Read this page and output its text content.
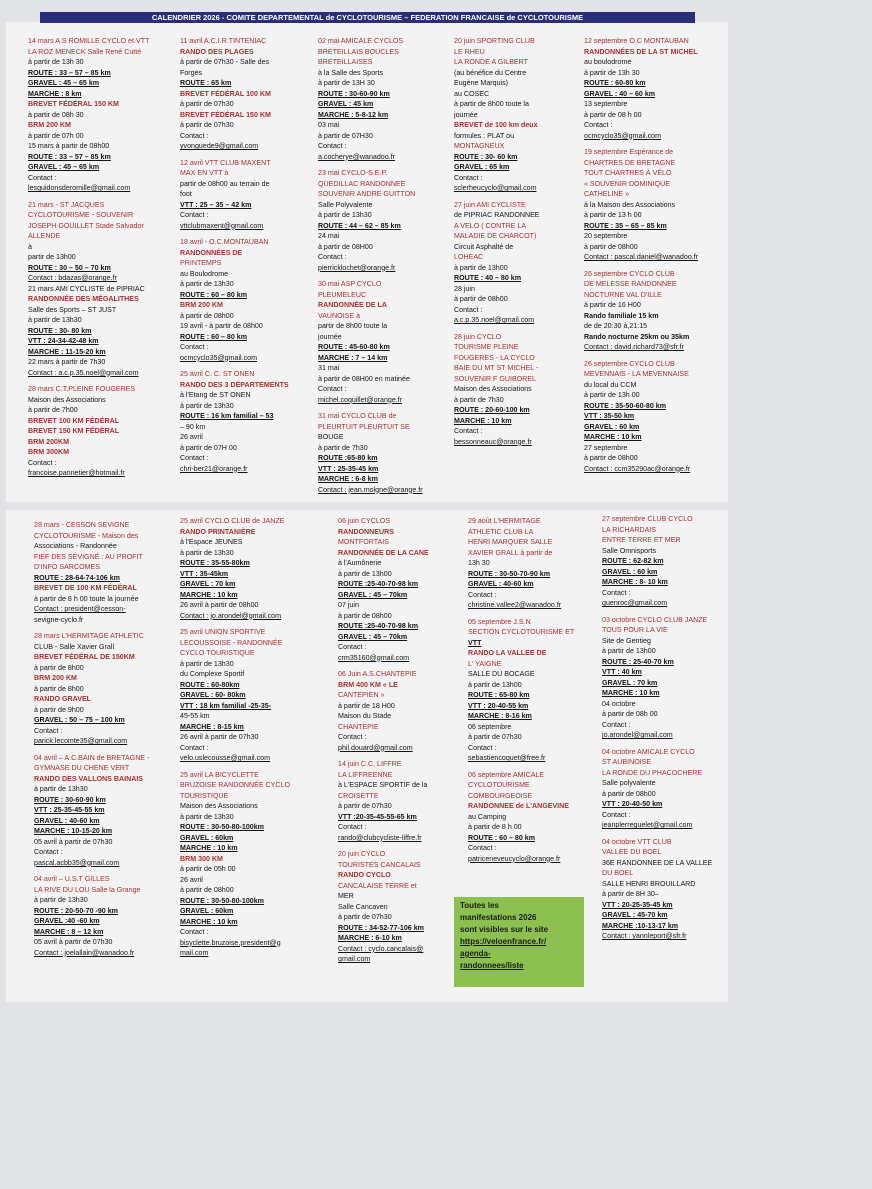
CALENDRIER 2026 - COMITE DEPARTEMENTAL de CYCLOTOURISME – FEDERATION FRANCAISE de CYCLOTOURISME

14 mars A.S ROMILLE CYCLO et VTT
LA ROZ MENECK Salle René Cutté
à partir de 13h 30
ROUTE : 33 – 57 – 85 km
GRAVEL : 45 – 65 km
MARCHE : 8 km
BREVET FÉDÉRAL 150 KM
à partir de 08h 30
BRM 200 KM
à partir de 07h 00
15 mars à partir de 08h00
ROUTE : 33 – 57 – 85 km
GRAVEL : 45 – 65 km
Contact :
lesguidonsderomille@gmail.com

21 mars - ST JACQUES
CYCLOTOURISME - SOUVENIR
JOSEPH GOUILLET Stade Salvador
ALLENDE
à
partir de 13h00
ROUTE : 30 – 50 – 70 km
Contact : bdazas@orange.fr
21 mars AMI CYCLISTE de PIPRIAC
RANDONNÉE DES MÉGALITHES
Salle des Sports – ST JUST
à partir de 13h30
ROUTE : 30- 80 km
VTT : 24-34-42-48 km
MARCHE : 11-15-20 km
22 mars à partir de 7h30
Contact : a.c.p.35.noel@gmail.com

28 mars C.T.PLEINE FOUGERES
Maison des Associations
à partir de 7h00
BREVET 100 KM FÉDÉRAL
BREVET 150 KM FÉDÉRAL
BRM 200KM
BRM 300KM
Contact :
francoise.pannetier@hotmail.fr

11 avril A.C.I.R.TINTENIAC
RANDO DES PLAGES
à partir de 07h30 - Salle des
Forges
ROUTE : 65 km
BREVET FÉDÉRAL 100 KM
à partir de 07h30
BREVET FÉDÉRAL 150 KM
à partir de 07h30
Contact :
yvonguede9@gmail.com

12 avril VTT CLUB MAXENT
MAX EN VTT à
partir de 08h00 au terrain de
foot
VTT : 25 – 35 – 42 km
Contact :
vttclubmaxent@gmail.com

18 avril - O.C.MONTAUBAN
RANDONNÉES DE
PRINTEMPS
au Boulodrome
à partir de 13h30
ROUTE : 60 – 80 km
BRM 200 KM
à partir de 08h00
19 avril - à partir de 08h00
ROUTE : 60 – 80 km
Contact :
ocmcyclo35@gmail.com

25 avril C. C. ST ONEN
RANDO DES 3 DÉPARTEMENTS
à l'Etang de ST ONEN
à partir de 13h30
ROUTE : 16 km familial – 53
– 90 km
26 avril
à partir de 07H 00
Contact :
chri-ber21@orange.fr

02 mai AMICALE CYCLOS
BRETEILLAIS BOUCLES
BRETEILLAISES
à la Salle des Sports
à partir de 13H 30
ROUTE : 30-60-90 km
GRAVEL : 45 km
MARCHE : 5-8-12 km
03 mai
à partir de 07H30
Contact :
a.cocherye@wanadoo.fr

23 mai CYCLO-S.E.P.
QUEDILLAC RANDONNEE
SOUVENIR ANDRE GUITTON
Salle Polyvalente
à partir de 13h30
ROUTE : 44 – 62 – 85 km
24 mai
à partir de 08H00
Contact :
pierricklochet@orange.fr

30 mai ASP CYCLO
PLEUMELEUC
RANDONNÉE DE LA
VAUNOISE à
partir de 8h00 toute la
journée
ROUTE : 45-60-80 km
MARCHE : 7 – 14 km
31 mai
à partir de 08H00 en matinée
Contact :
michel.coquillet@orange.fr

31 mai CYCLO CLUB de
PLEURTUIT PLEURTUIT SE
BOUGE
à partir de 7h30
ROUTE :65-80 km
VTT : 25-35-45 km
MARCHE : 6-8 km
Contact : jean.molgne@orange.fr

20 juin SPORTING CLUB
LE RHEU
LA RONDE A GILBERT
(au bénéfice du Centre
Eugène Marquis)
au COSEC
à partir de 8h00 toute la
journée
BREVET de 100 km deux
formules : PLAT ou
MONTAGNEUX
ROUTE : 30- 60 km
GRAVEL : 65 km
Contact :
sclerheucyclo@gmail.com

27 juin AMI CYCLISTE
de PIPRIAC RANDONNEE
A VELO ( CONTRE LA
MALADIE DE CHARCOT)
Circuit Asphalté de
LOHEAC
à partir de 13h00
ROUTE : 40 – 80 km
28 juin
à partir de 08h00
Contact :
a.c.p.35.noel@gmail.com

28 juin CYCLO
TOURISME PLEINE
FOUGERES - LA CYCLO
BAIE DU MT ST MICHEL -
SOUVENIR F GUIBOREL
Maison des Associations
à partir de 7h30
ROUTE : 20-60-100 km
MARCHE : 10 km
Contact :
bessonneauc@orange.fr

12 septembre O.C MONTAUBAN
RANDONNÉES DE LA ST MICHEL
au boulodrome
à partir de 13h 30
ROUTE : 60-80 km
GRAVEL : 40 – 60 km
13 septembre
à partir de 08 h 00
Contact :
ocmcyclo35@gmail.com

19 septembre Espérance de
CHARTRES DE BRETAGNE
TOUT CHARTRES À VÉLO
« SOUVENIR DOMINIQUE
CATHELINE »
à la Maison des Associations
à partir de 13 h 00
ROUTE : 35 – 65 – 85 km
20 septembre
à partir de 08h00
Contact : pascal.daniel@wanadoo.fr

26 septembre CYCLO CLUB
DE MELESSE RANDONNEE
NOCTURNE VAL D'ILLE
à partir de 16 H00
Rando familiale 15 km
de de 20:30 à,21:15
Rando nocturne 25km ou 35km
Contact : david.richard73@sfr.fr

26 septembre CYCLO CLUB
MEVENNAIS - LA MEVENNAISE
du local du CCM
à partir de 13h 00
ROUTE : 35-50-60-80 km
VTT : 35-50 km
GRAVEL : 60 km
MARCHE : 10 km
27 septembre
à partir de 08h00
Contact : ccm35290ac@orange.fr

28 mars - CESSON SEVIGNE
CYCLOTOURISME - Maison des
Associations - Randonnée
FIEF DES SÉVIGNÉ : AU PROFIT
D'INFO SARCOMES
ROUTE : 28-64-74-106 km
BREVET DE 100 KM FÉDÉRAL
à partir de 8 h 00 toute la journée
Contact : president@cesson-
sevigne-cyclo.fr

28 mars L'HERMITAGE ATHLETIC
CLUB - Salle Xavier Grall
BREVET FÉDÉRAL DE 150KM
à partir de 8h00
BRM 200 KM
à partir de 8h00
RANDO GRAVEL
à partir de 9h00
GRAVEL : 50 – 75 – 100 km
Contact :
parick.lecomte35@gmail.com

04 avril – A.C.BAIN de BRETAGNE -
GYMNASE DU CHENE VERT
RANDO DES VALLONS BAINAIS
à partir de 13h30
ROUTE : 30-60-90 km
VTT : 25-35-45-55 km
GRAVEL : 40-60 km
MARCHE : 10-15-20 km
05 avril à partir de 07h30
Contact :
pascal.acbb35@gmail.com

04 avril – U.S.T GILLES
LA RIVE DU LOU Salle la Grange
à partir de 13h30
ROUTE : 20-50-70 -90 km
GRAVEL :40 -60 km
MARCHE : 8 – 12 km
05 avril à partir de 07h30
Contact : joelallain@wanadoo.fr

25 avril CYCLO CLUB de JANZE
RANDO PRINTANIÈRE
à l'Espace JEUNES
à partir de 13h30
ROUTE : 35-55-80km
VTT : 35-45km
GRAVEL : 70 km
MARCHE : 10 km
26 avril à partir de 08h00
Contact : jo.arondel@gmail.com

25 avril UNION SPORTIVE
LECOUSSOISE - RANDONNÉE
CYCLO TOURISTIQUE
à partir de 13h30
du Complexe Sportif
ROUTE : 60-80km
GRAVEL : 60- 80km
VTT : 18 km familial -25-35-
45-55 km
MARCHE : 8-15 km
26 avril à partir de 07h30
Contact :
velo.uslecousse@gmail.com

25 avril LA BICYCLETTE
BRUZOISE RANDONNÉE CYCLO
TOURISTIQUE
Maison des Associations
à partir de 13h30
ROUTE : 30-50-80-100km
GRAVEL : 60km
MARCHE : 10 km
BRM 300 KM
à partir de 05h 00
26 avril
à partir de 08h00
ROUTE : 30-50-80-100km
GRAVEL : 60km
MARCHE : 10 km
Contact :
bisyclette.bruzoise.president@g
mail.com

06 juin CYCLOS
RANDONNEURS
MONTFORTAIS
RANDONNÉE DE LA CANE
à l'Aumônerie
à partir de 13h00
ROUTE :25-40-70-98 km
GRAVEL : 45 – 70km
07 juin
à partir de 08h00
ROUTE :25-40-70-98 km
GRAVEL : 45 – 70km
Contact :
crm35160@gmail.com

06 Juin A.S.CHANTEPIE
BRM 400 KM « LE
CANTEPIEN »
à partir de 18 H00
Maison du Stade
CHANTEPIE
Contact :
phil.douard@gmail.com

14 juin C.C. LIFFRE
LA LIFFREENNE
à L'ESPACE SPORTIF de la
CROISETTE
à partir de 07h30
VTT :20-35-45-55-65 km
Contact :
rando@clubcycliste-liffre.fr

20 juin CYCLO
TOURISTES CANCALAIS
RANDO CYCLO
CANCALAISE TERRE et
MER
Salle Cancaven
à partir de 07h30
ROUTE : 34-52-77-106 km
MARCHE : 6-10 km
Contact : cyclo.cancalais@
gmail.com

29 août L'HERMITAGE
ATHLETIC CLUB LA
HENRI MARQUER SALLE
XAVIER GRALL à partir de
13h 30
ROUTE : 30-50-70-90 km
GRAVEL : 40-60 km
Contact :
christine.vallee2@wanadoo.fr

05 septembre J.S.N
SECTION CYCLOTOURISME ET
VTT
RANDO LA VALLEE DE
L' YAIGNE
SALLE DU BOCAGE
à partir de 13h00
ROUTE : 65-80 km
VTT : 20-40-55 km
MARCHE : 8-16 km
06 septembre
à partir de 07h30
Contact :
sebastiencoquet@free.fr

06 septembre AMICALE
CYCLOTOURISME
COMBOURGEOISE
RANDONNEE de L'ANGEVINE
au Camping
à partir de 8 h 00
ROUTE : 60 – 80 km
Contact :
patriceneveucyclo@orange.fr

27 septembre CLUB CYCLO
LA RICHARDAIS
ENTRE TERRE ET MER
Salle Omnisports
ROUTE : 62-82 km
GRAVEL : 60 km
MARCHE : 8- 10 km
Contact :
guenroc@gmail.com

03 octobre CYCLO CLUB JANZE
TOUS POUR LA VIE
Site de Gentieg
à partir de 13h00
ROUTE : 25-40-70 km
VTT : 40 km
GRAVEL : 70 km
MARCHE : 10 km
04 octobre
à partir de 08h 00
Contact :
jo.arondel@gmail.com

04 octobre AMICALE CYCLO
ST AUBINOISE
LA RONDE DU PHACOCHERE
Salle polyvalente
à partir de 08h00
VTT : 20-40-50 km
Contact :
jeanplerreguelet@gmail.com

04 octobre VTT CLUB
VALLEE DU BOEL
36E RANDONNEE DE LA VALLEE
DU BOEL
SALLE HENRI BROUILLARD
à partir de 8H 30–
VTT : 20-25-35-45 km
GRAVEL : 45-70 km
MARCHE :10-13-17 km
Contact : yannleport@sfr.fr

Toutes les
manifestations 2026
sont visibles sur le site
https://veloenfrance.fr/
agenda-
randonnees/liste
